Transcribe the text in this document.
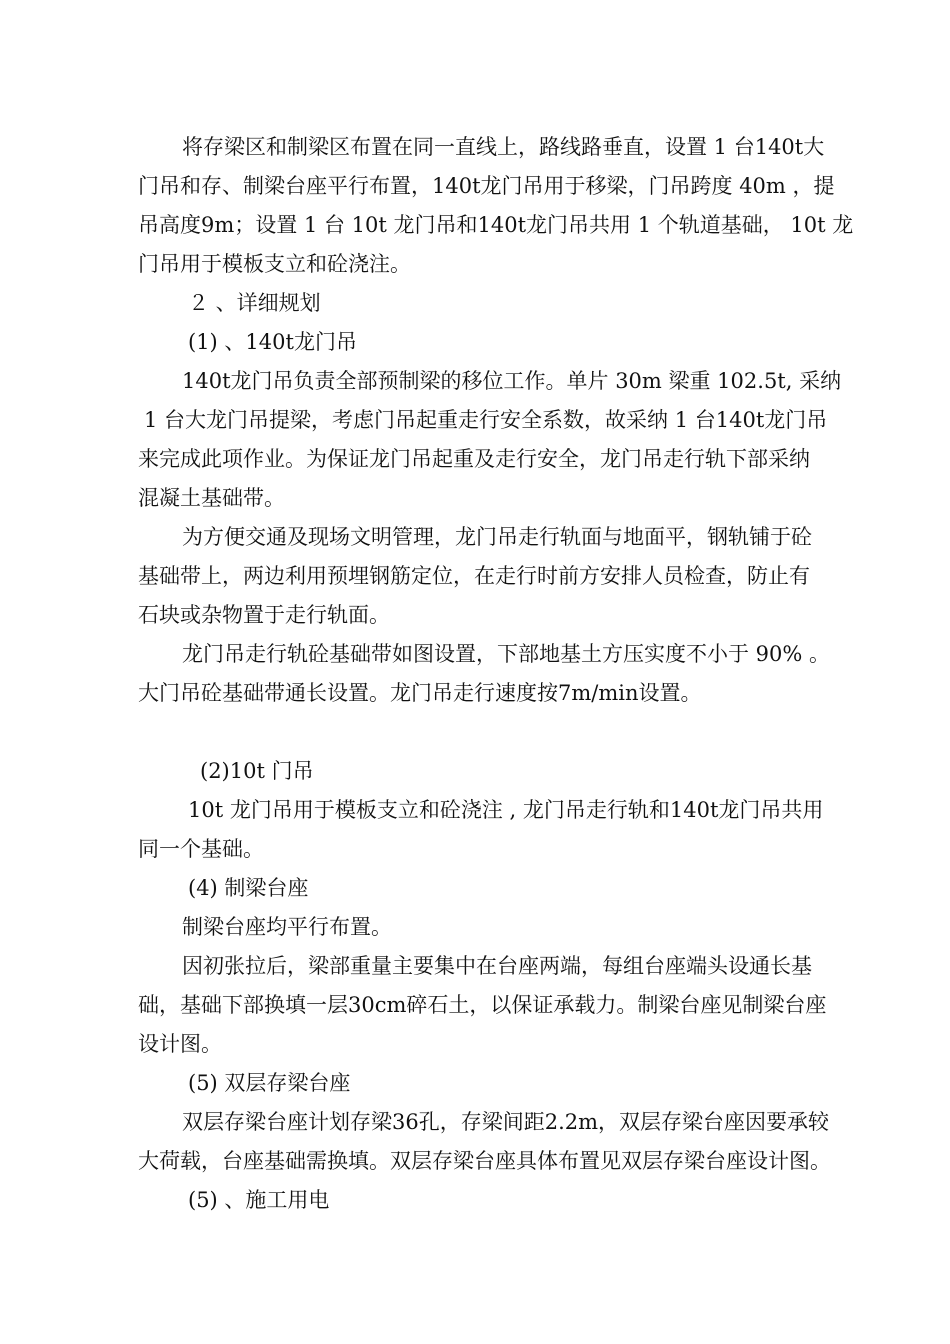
将存梁区和制梁区布置在同一直线上，路线路垂直，设置 1 台140t大
门吊和存、制梁台座平行布置，140t龙门吊用于移梁，门吊跨度 40m ，提
吊高度9m；设置 1 台 10t 龙门吊和140t龙门吊共用 1 个轨道基础， 10t 龙
门吊用于模板支立和砼浇注。
２ 、详细规划
(1) 、140t龙门吊
140t龙门吊负责全部预制梁的移位工作。单片 30m 梁重 102.5t, 采纳
1 台大龙门吊提梁，考虑门吊起重走行安全系数，故采纳 1 台140t龙门吊
来完成此项作业。为保证龙门吊起重及走行安全，龙门吊走行轨下部采纳
混凝土基础带。
为方便交通及现场文明管理，龙门吊走行轨面与地面平，钢轨铺于砼
基础带上，两边利用预埋钢筋定位，在走行时前方安排人员检查，防止有
石块或杂物置于走行轨面。
龙门吊走行轨砼基础带如图设置，下部地基土方压实度不小于 90% 。
大门吊砼基础带通长设置。龙门吊走行速度按7m/min设置。
(2)10t 门吊
10t 龙门吊用于模板支立和砼浇注 , 龙门吊走行轨和140t龙门吊共用
同一个基础。
(4) 制梁台座
制梁台座均平行布置。
因初张拉后，梁部重量主要集中在台座两端，每组台座端头设通长基
础，基础下部换填一层30cm碎石土，以保证承载力。制梁台座见制梁台座
设计图。
(5) 双层存梁台座
双层存梁台座计划存梁36孔，存梁间距2.2m，双层存梁台座因要承较
大荷载，台座基础需换填。双层存梁台座具体布置见双层存梁台座设计图。
(5) 、施工用电
